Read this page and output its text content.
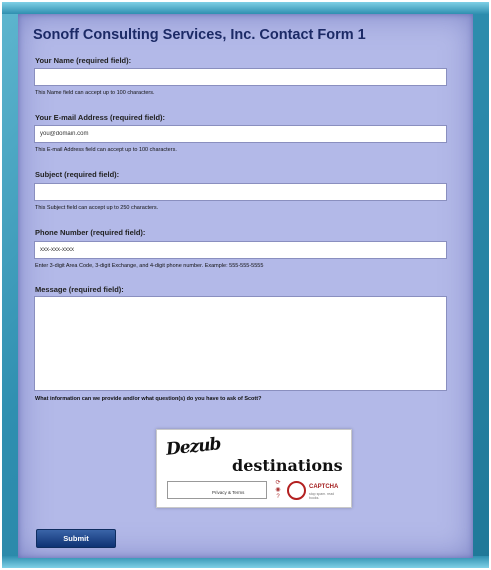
Sonoff Consulting Services, Inc. Contact Form 1
Your Name (required field):
This Name field can accept up to 100 characters.
Your E-mail Address (required field):
you@domain.com
This E-mail Address field can accept up to 100 characters.
Subject (required field):
This Subject field can accept up to 250 characters.
Phone Number (required field):
xxx-xxx-xxxx
Enter 3-digit Area Code, 3-digit Exchange, and 4-digit phone number. Example: 555-555-5555
Message (required field):
What information can we provide and/or what question(s) do you have to ask of Scott?
Dezub
destinations
Privacy & Terms
⟳
◉
?
CAPTCHA
stop spam. read books.
Submit
